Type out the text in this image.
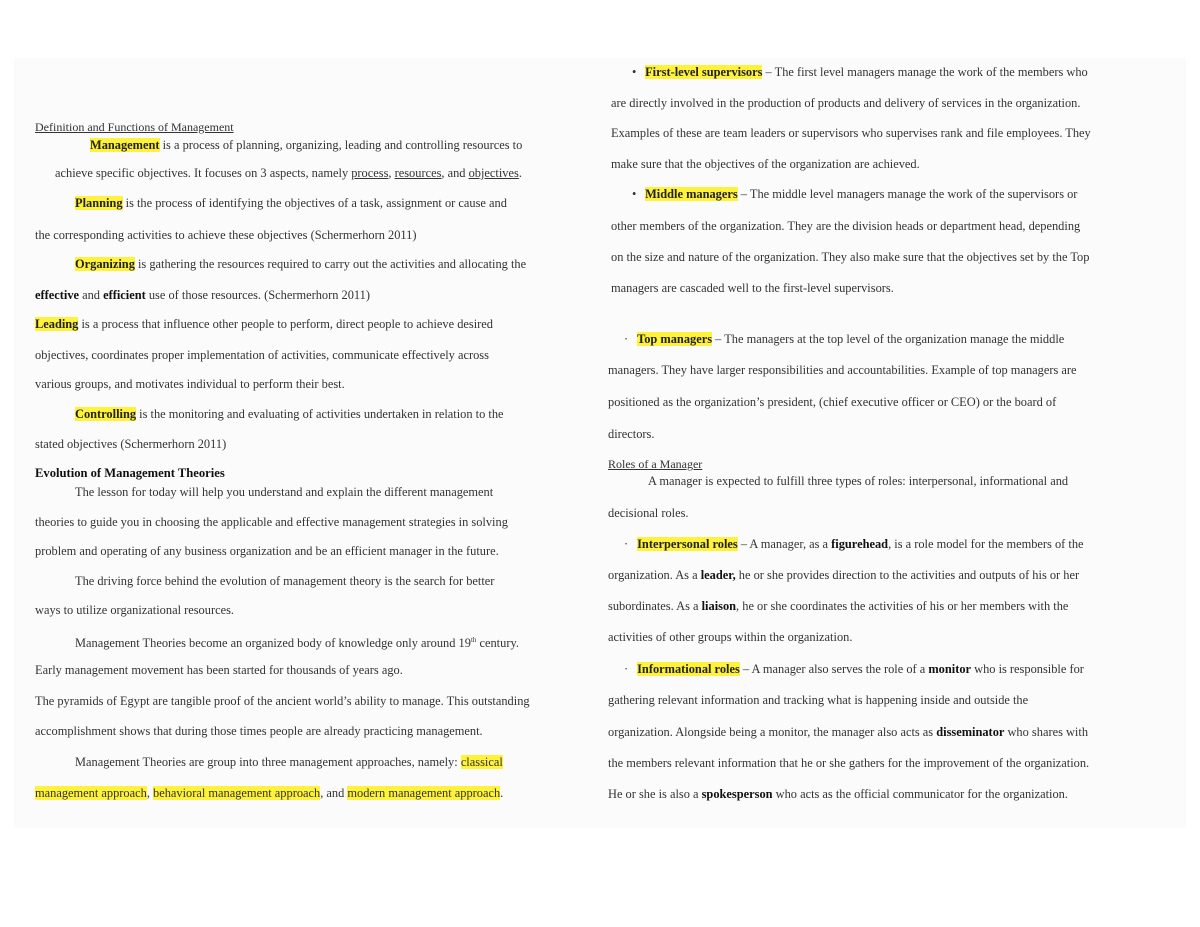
Definition and Functions of Management
Management is a process of planning, organizing, leading and controlling resources to
achieve specific objectives. It focuses on 3 aspects, namely process, resources, and objectives.
Planning is the process of identifying the objectives of a task, assignment or cause and
the corresponding activities to achieve these objectives (Schermerhorn 2011)
Organizing is gathering the resources required to carry out the activities and allocating the
effective and efficient use of those resources. (Schermerhorn 2011)
Leading is a process that influence other people to perform, direct people to achieve desired
objectives, coordinates proper implementation of activities, communicate effectively across
various groups, and motivates individual to perform their best.
Controlling is the monitoring and evaluating of activities undertaken in relation to the
stated objectives (Schermerhorn 2011)
Evolution of Management Theories
The lesson for today will help you understand and explain the different management
theories to guide you in choosing the applicable and effective management strategies in solving
problem and operating of any business organization and be an efficient manager in the future.
The driving force behind the evolution of management theory is the search for better
ways to utilize organizational resources.
Management Theories become an organized body of knowledge only around 19th century.
Early management movement has been started for thousands of years ago.
The pyramids of Egypt are tangible proof of the ancient world’s ability to manage. This outstanding
accomplishment shows that during those times people are already practicing management.
Management Theories are group into three management approaches, namely: classical
management approach, behavioral management approach, and modern management approach.
• First-level supervisors – The first level managers manage the work of the members who
are directly involved in the production of products and delivery of services in the organization.
Examples of these are team leaders or supervisors who supervises rank and file employees. They
make sure that the objectives of the organization are achieved.
• Middle managers – The middle level managers manage the work of the supervisors or
other members of the organization. They are the division heads or department head, depending
on the size and nature of the organization. They also make sure that the objectives set by the Top
managers are cascaded well to the first-level supervisors.
· Top managers – The managers at the top level of the organization manage the middle
managers. They have larger responsibilities and accountabilities. Example of top managers are
positioned as the organization’s president, (chief executive officer or CEO) or the board of
directors.
Roles of a Manager
A manager is expected to fulfill three types of roles: interpersonal, informational and
decisional roles.
· Interpersonal roles – A manager, as a figurehead, is a role model for the members of the
organization. As a leader, he or she provides direction to the activities and outputs of his or her
subordinates. As a liaison, he or she coordinates the activities of his or her members with the
activities of other groups within the organization.
· Informational roles – A manager also serves the role of a monitor who is responsible for
gathering relevant information and tracking what is happening inside and outside the
organization. Alongside being a monitor, the manager also acts as disseminator who shares with
the members relevant information that he or she gathers for the improvement of the organization.
He or she is also a spokesperson who acts as the official communicator for the organization.
